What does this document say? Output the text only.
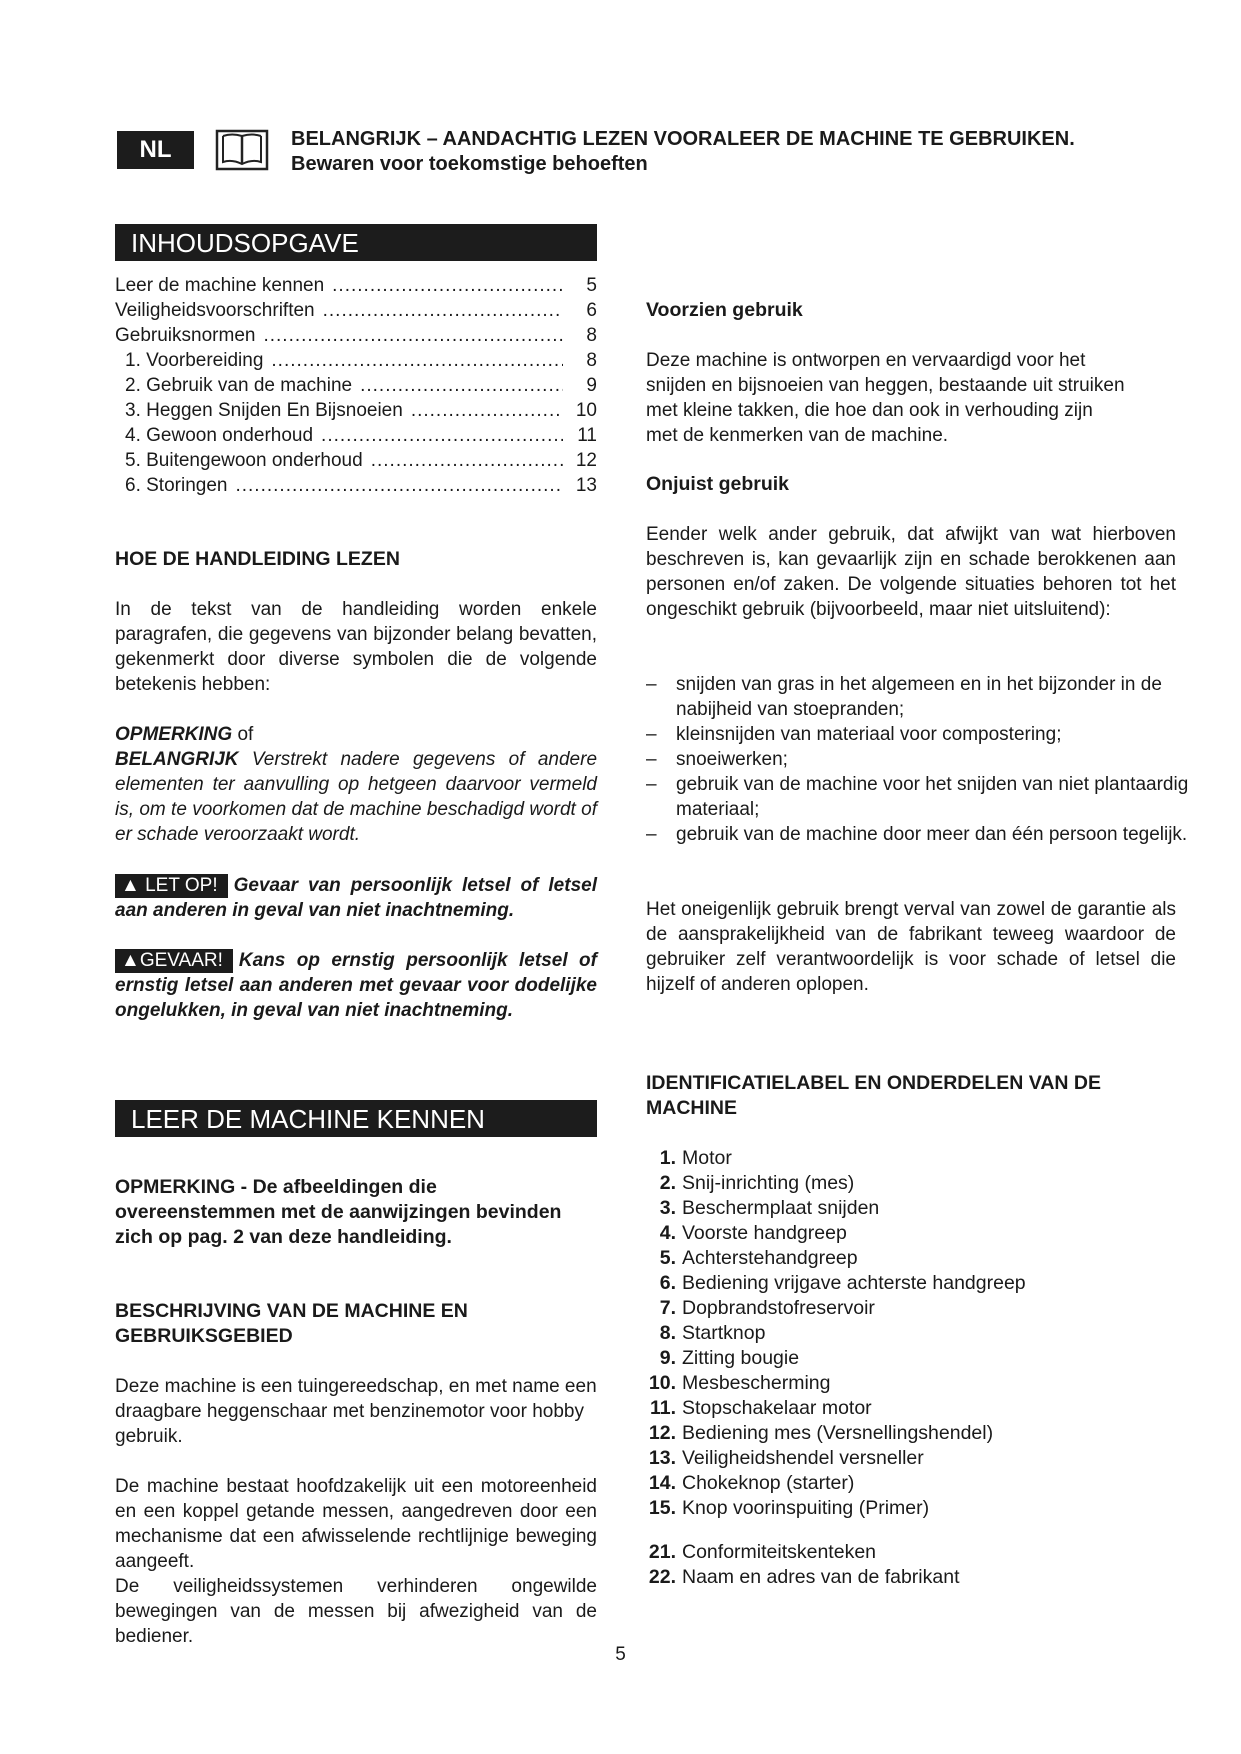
NL	BELANGRIJK – AANDACHTIG LEZEN VOORALEER DE MACHINE TE GEBRUIKEN.
Bewaren voor toekomstige behoeften
INHOUDSOPGAVE
Leer de machine kennen .....	5
Veiligheidsvoorschriften .....	6
Gebruiksnormen .....	8
1. Voorbereiding .....	8
2. Gebruik van de machine .....	9
3. Heggen Snijden En Bijsnoeien .....	10
4. Gewoon onderhoud .....	11
5. Buitengewoon onderhoud .....	12
6. Storingen .....	13
HOE DE HANDLEIDING LEZEN
In de tekst van de handleiding worden enkele paragrafen, die gegevens van bijzonder belang bevatten, gekenmerkt door diverse symbolen die de volgende betekenis hebben:
OPMERKING of
BELANGRIJK Verstrekt nadere gegevens of andere elementen ter aanvulling op hetgeen daarvoor vermeld is, om te voorkomen dat de machine beschadigd wordt of er schade veroorzaakt wordt.
▲ LET OP! Gevaar van persoonlijk letsel of letsel aan anderen in geval van niet inachtneming.
▲GEVAAR! Kans op ernstig persoonlijk letsel of ernstig letsel aan anderen met gevaar voor dodelijke ongelukken, in geval van niet inachtneming.
LEER DE MACHINE KENNEN
OPMERKING - De afbeeldingen die overeenstemmen met de aanwijzingen bevinden zich op pag. 2 van deze handleiding.
BESCHRIJVING VAN DE MACHINE EN GEBRUIKSGEBIED
Deze machine is een tuingereedschap, en met name een draagbare heggenschaar met benzinemotor voor hobby gebruik.
De machine bestaat hoofdzakelijk uit een motoreenheid en een koppel getande messen, aangedreven door een mechanisme dat een afwisselende rechtlijnige beweging aangeeft.
De veiligheidssystemen verhinderen ongewilde bewegingen van de messen bij afwezigheid van de bediener.
Voorzien gebruik
Deze machine is ontworpen en vervaardigd voor het snijden en bijsnoeien van heggen, bestaande uit struiken met kleine takken, die hoe dan ook in verhouding zijn met de kenmerken van de machine.
Onjuist gebruik
Eender welk ander gebruik, dat afwijkt van wat hierboven beschreven is, kan gevaarlijk zijn en schade berokkenen aan personen en/of zaken. De volgende situaties behoren tot het ongeschikt gebruik (bijvoorbeeld, maar niet uitsluitend):
–	snijden van gras in het algemeen en in het bijzonder in de nabijheid van stoepranden;
–	kleinsnijden van materiaal voor compostering;
–	snoeiwerken;
–	gebruik van de machine voor het snijden van niet plantaardig materiaal;
–	gebruik van de machine door meer dan één persoon tegelijk.
Het oneigenlijk gebruik brengt verval van zowel de garantie als de aansprakelijkheid van de fabrikant teweeg waardoor de gebruiker zelf verantwoordelijk is voor schade of letsel die hijzelf of anderen oplopen.
IDENTIFICATIELABEL EN ONDERDELEN VAN DE MACHINE
1. Motor
2. Snij-inrichting (mes)
3. Beschermplaat snijden
4. Voorste handgreep
5. Achterstehandgreep
6. Bediening vrijgave achterste handgreep
7. Dopbrandstofreservoir
8. Startknop
9. Zitting bougie
10. Mesbescherming
11. Stopschakelaar motor
12. Bediening mes (Versnellingshendel)
13. Veiligheidshendel versneller
14. Chokeknop (starter)
15. Knop voorinspuiting (Primer)
21. Conformiteitskenteken
22. Naam en adres van de fabrikant
5
